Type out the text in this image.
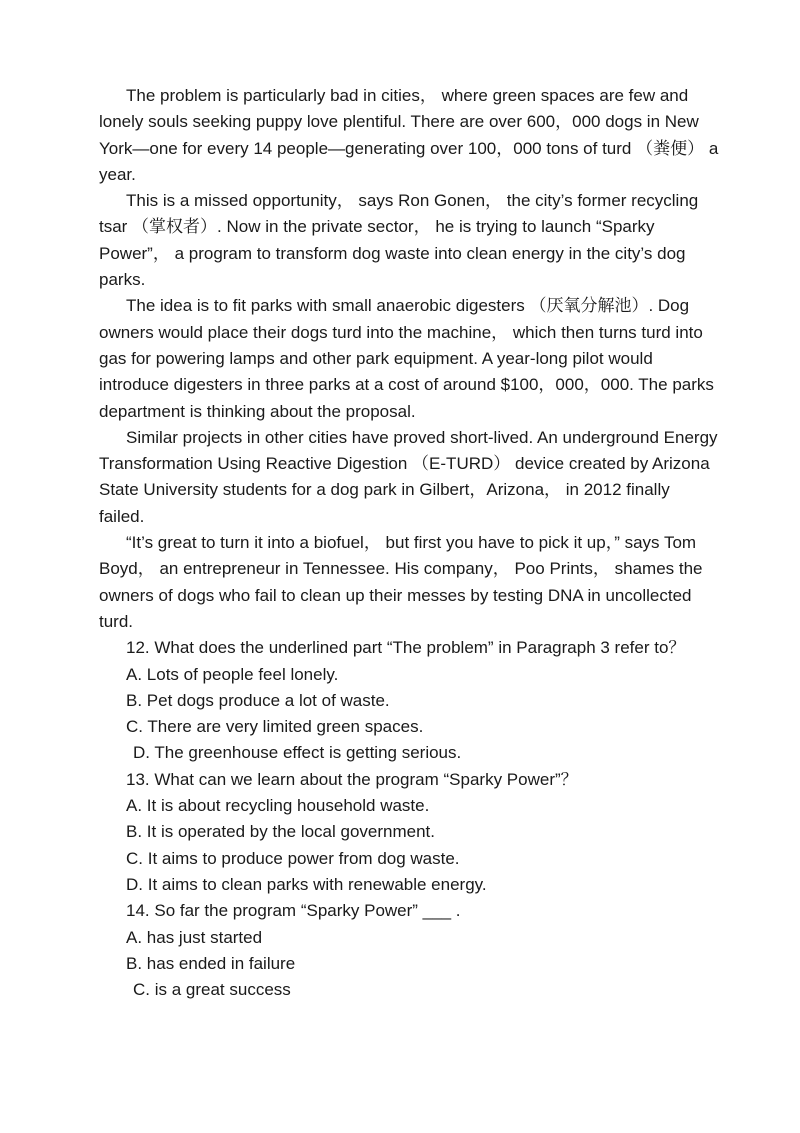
The problem is particularly bad in cities， where green spaces are few and lonely souls seeking puppy love plentiful. There are over 600，000 dogs in New York—one for every 14 people—generating over 100，000 tons of turd （粪便） a year.

This is a missed opportunity， says Ron Gonen， the city’s former recycling tsar （掌权者）. Now in the private sector， he is trying to launch “Sparky Power”， a program to transform dog waste into clean energy in the city’s dog parks.

The idea is to fit parks with small anaerobic digesters （厌氧分解池）. Dog owners would place their dogs turd into the machine， which then turns turd into gas for powering lamps and other park equipment. A year-long pilot would introduce digesters in three parks at a cost of around $100，000，000. The parks department is thinking about the proposal.

Similar projects in other cities have proved short-lived. An underground Energy Transformation Using Reactive Digestion （E-TURD） device created by Arizona State University students for a dog park in Gilbert，Arizona， in 2012 finally failed.

“It’s great to turn it into a biofuel， but first you have to pick it up，” says Tom Boyd， an entrepreneur in Tennessee. His company， Poo Prints， shames the owners of dogs who fail to clean up their messes by testing DNA in uncollected turd.

12. What does the underlined part “The problem” in Paragraph 3 refer to？

A. Lots of people feel lonely.

B. Pet dogs produce a lot of waste.

C. There are very limited green spaces.

D. The greenhouse effect is getting serious.

13. What can we learn about the program “Sparky Power”？

A. It is about recycling household waste.

B. It is operated by the local government.

C. It aims to produce power from dog waste.

D. It aims to clean parks with renewable energy.

14. So far the program “Sparky Power” ___ .

A. has just started

B. has ended in failure

C. is a great success
